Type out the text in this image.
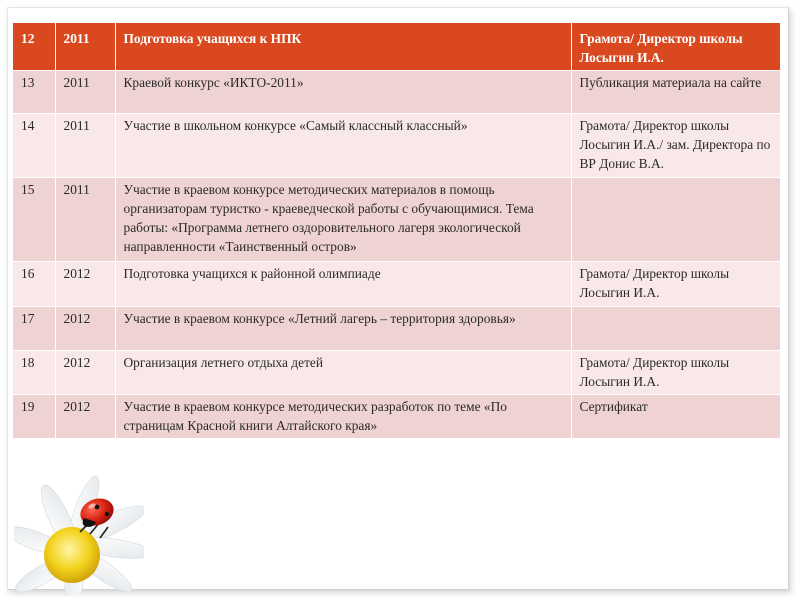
12	2011	Подготовка учащихся к НПК	Грамота/ Директор школы Лосыгин И.А.
13	2011	Краевой конкурс «ИКТО-2011»	Публикация материала на сайте
14	2011	Участие в школьном конкурсе «Самый классный классный»	Грамота/ Директор школы Лосыгин И.А./ зам. Директора по ВР Донис В.А.
15	2011	Участие в краевом конкурсе методических материалов в помощь организаторам туристко - краеведческой работы с обучающимися. Тема работы: «Программа летнего оздоровительного лагеря экологической направленности «Таинственный остров»	
16	2012	Подготовка учащихся к районной олимпиаде	Грамота/ Директор школы Лосыгин И.А.
17	2012	Участие в краевом конкурсе «Летний лагерь – территория здоровья»	
18	2012	Организация летнего отдыха детей	Грамота/ Директор школы Лосыгин И.А.
19	2012	Участие в краевом конкурсе методических разработок по теме «По страницам Красной книги Алтайского края»	Сертификат
